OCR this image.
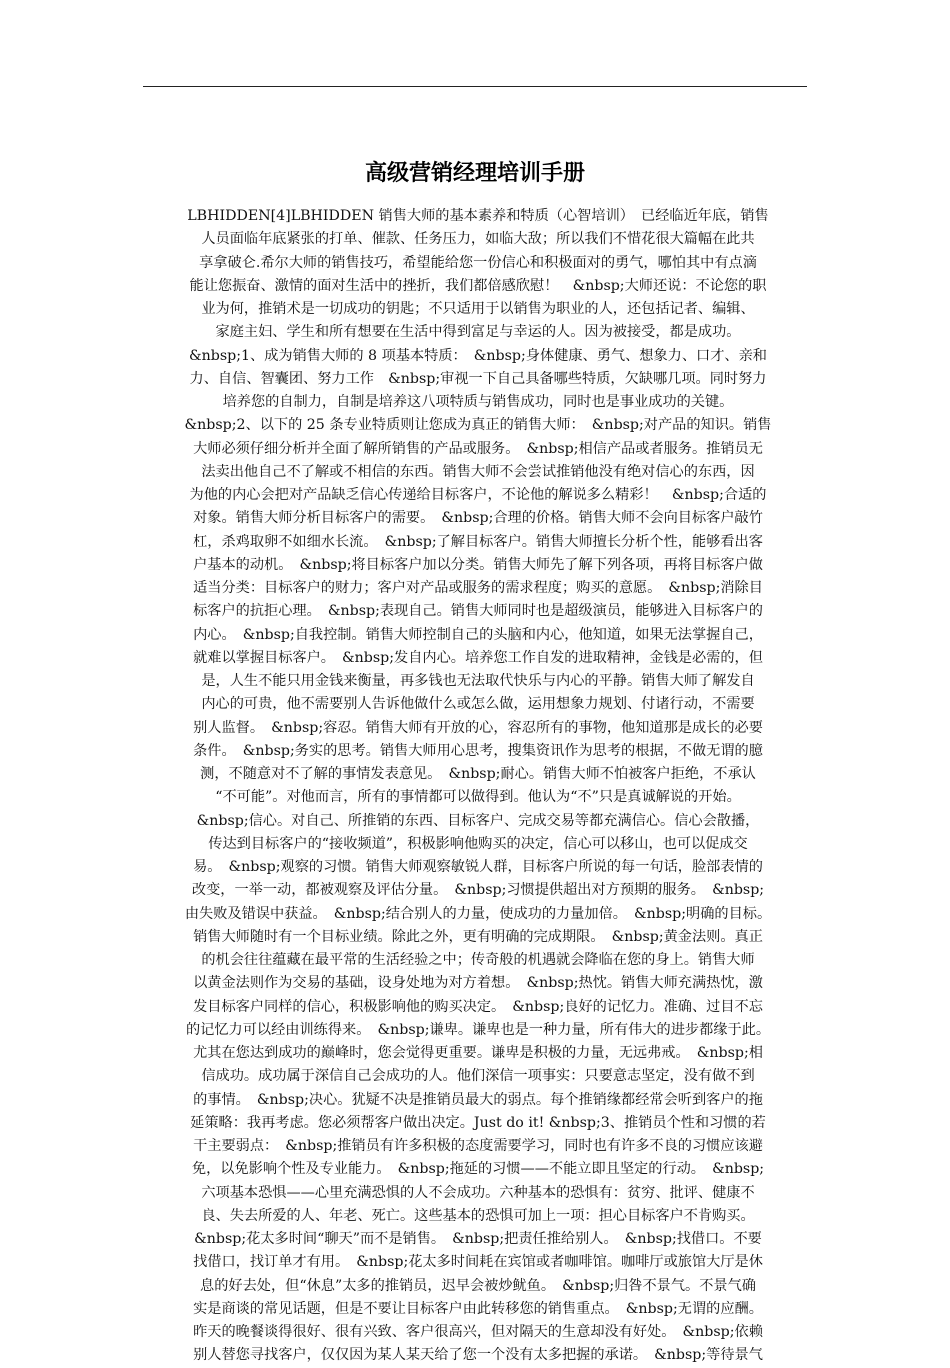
高级营销经理培训手册
LBHIDDEN[4]LBHIDDEN 销售大师的基本素养和特质（心智培训）　已经临近年底，销售
人员面临年底紧张的打单、催款、任务压力，如临大敌；所以我们不惜花很大篇幅在此共
享拿破仑.希尔大师的销售技巧，希望能给您一份信心和积极面对的勇气，哪怕其中有点滴
能让您振奋、激情的面对生活中的挫折，我们都倍感欣慰！　&nbsp;大师还说：不论您的职
业为何，推销术是一切成功的钥匙；不只适用于以销售为职业的人，还包括记者、编辑、
家庭主妇、学生和所有想要在生活中得到富足与幸运的人。因为被接受，都是成功。
&nbsp;1、成为销售大师的 8 项基本特质：　&nbsp;身体健康、勇气、想象力、口才、亲和
力、自信、智囊团、努力工作　&nbsp;审视一下自己具备哪些特质，欠缺哪几项。同时努力
培养您的自制力，自制是培养这八项特质与销售成功，同时也是事业成功的关键。
&nbsp;2、以下的 25 条专业特质则让您成为真正的销售大师：　&nbsp;对产品的知识。销售
大师必须仔细分析并全面了解所销售的产品或服务。　&nbsp;相信产品或者服务。推销员无
法卖出他自己不了解或不相信的东西。销售大师不会尝试推销他没有绝对信心的东西，因
为他的内心会把对产品缺乏信心传递给目标客户，不论他的解说多么精彩！　&nbsp;合适的
对象。销售大师分析目标客户的需要。　&nbsp;合理的价格。销售大师不会向目标客户敲竹
杠，杀鸡取卵不如细水长流。　&nbsp;了解目标客户。销售大师擅长分析个性，能够看出客
户基本的动机。　&nbsp;将目标客户加以分类。销售大师先了解下列各项，再将目标客户做
适当分类：目标客户的财力；客户对产品或服务的需求程度；购买的意愿。　&nbsp;消除目
标客户的抗拒心理。　&nbsp;表现自己。销售大师同时也是超级演员，能够进入目标客户的
内心。　&nbsp;自我控制。销售大师控制自己的头脑和内心，他知道，如果无法掌握自己，
就难以掌握目标客户。　&nbsp;发自内心。培养您工作自发的进取精神，金钱是必需的，但
是，人生不能只用金钱来衡量，再多钱也无法取代快乐与内心的平静。销售大师了解发自
内心的可贵，他不需要别人告诉他做什么或怎么做，运用想象力规划、付诸行动，不需要
别人监督。　&nbsp;容忍。销售大师有开放的心，容忍所有的事物，他知道那是成长的必要
条件。　&nbsp;务实的思考。销售大师用心思考，搜集资讯作为思考的根据，不做无谓的臆
测，不随意对不了解的事情发表意见。　&nbsp;耐心。销售大师不怕被客户拒绝，不承认
“不可能”。对他而言，所有的事情都可以做得到。他认为“不”只是真诚解说的开始。
&nbsp;信心。对自己、所推销的东西、目标客户、完成交易等都充满信心。信心会散播，
传达到目标客户的“接收频道”，积极影响他购买的决定，信心可以移山，也可以促成交
易。　&nbsp;观察的习惯。销售大师观察敏锐人群，目标客户所说的每一句话，脸部表情的
改变，一举一动，都被观察及评估分量。　&nbsp;习惯提供超出对方预期的服务。　&nbsp;
由失败及错误中获益。　&nbsp;结合别人的力量，使成功的力量加倍。　&nbsp;明确的目标。
销售大师随时有一个目标业绩。除此之外，更有明确的完成期限。　&nbsp;黄金法则。真正
的机会往往蕴藏在最平常的生活经验之中；传奇般的机遇就会降临在您的身上。销售大师
以黄金法则作为交易的基础，设身处地为对方着想。　&nbsp;热忱。销售大师充满热忱，激
发目标客户同样的信心，积极影响他的购买决定。　&nbsp;良好的记忆力。准确、过目不忘
的记忆力可以经由训练得来。　&nbsp;谦卑。谦卑也是一种力量，所有伟大的进步都缘于此。
尤其在您达到成功的巅峰时，您会觉得更重要。谦卑是积极的力量，无远弗戒。　&nbsp;相
信成功。成功属于深信自己会成功的人。他们深信一项事实：只要意志坚定，没有做不到
的事情。　&nbsp;决心。犹疑不决是推销员最大的弱点。每个推销缘都经常会听到客户的拖
延策略：我再考虑。您必须帮客户做出决定。Just do it! &nbsp;3、推销员个性和习惯的若
干主要弱点：　&nbsp;推销员有许多积极的态度需要学习，同时也有许多不良的习惯应该避
免，以免影响个性及专业能力。　&nbsp;拖延的习惯——不能立即且坚定的行动。　&nbsp;
六项基本恐惧——心里充满恐惧的人不会成功。六种基本的恐惧有：贫穷、批评、健康不
良、失去所爱的人、年老、死亡。这些基本的恐惧可加上一项：担心目标客户不肯购买。
&nbsp;花太多时间“聊天”而不是销售。　&nbsp;把责任推给别人。　&nbsp;找借口。不要
找借口，找订单才有用。　&nbsp;花太多时间耗在宾馆或者咖啡馆。咖啡厅或旅馆大厅是休
息的好去处，但“休息”太多的推销员，迟早会被炒鱿鱼。　&nbsp;归咎不景气。不景气确
实是商谈的常见话题，但是不要让目标客户由此转移您的销售重点。　&nbsp;无谓的应酬。
昨天的晚餐谈得很好、很有兴致、客户很高兴，但对隔天的生意却没有好处。　&nbsp;依赖
别人替您寻找客户，仅仅因为某人某天给了您一个没有太多把握的承诺。　&nbsp;等待景气
